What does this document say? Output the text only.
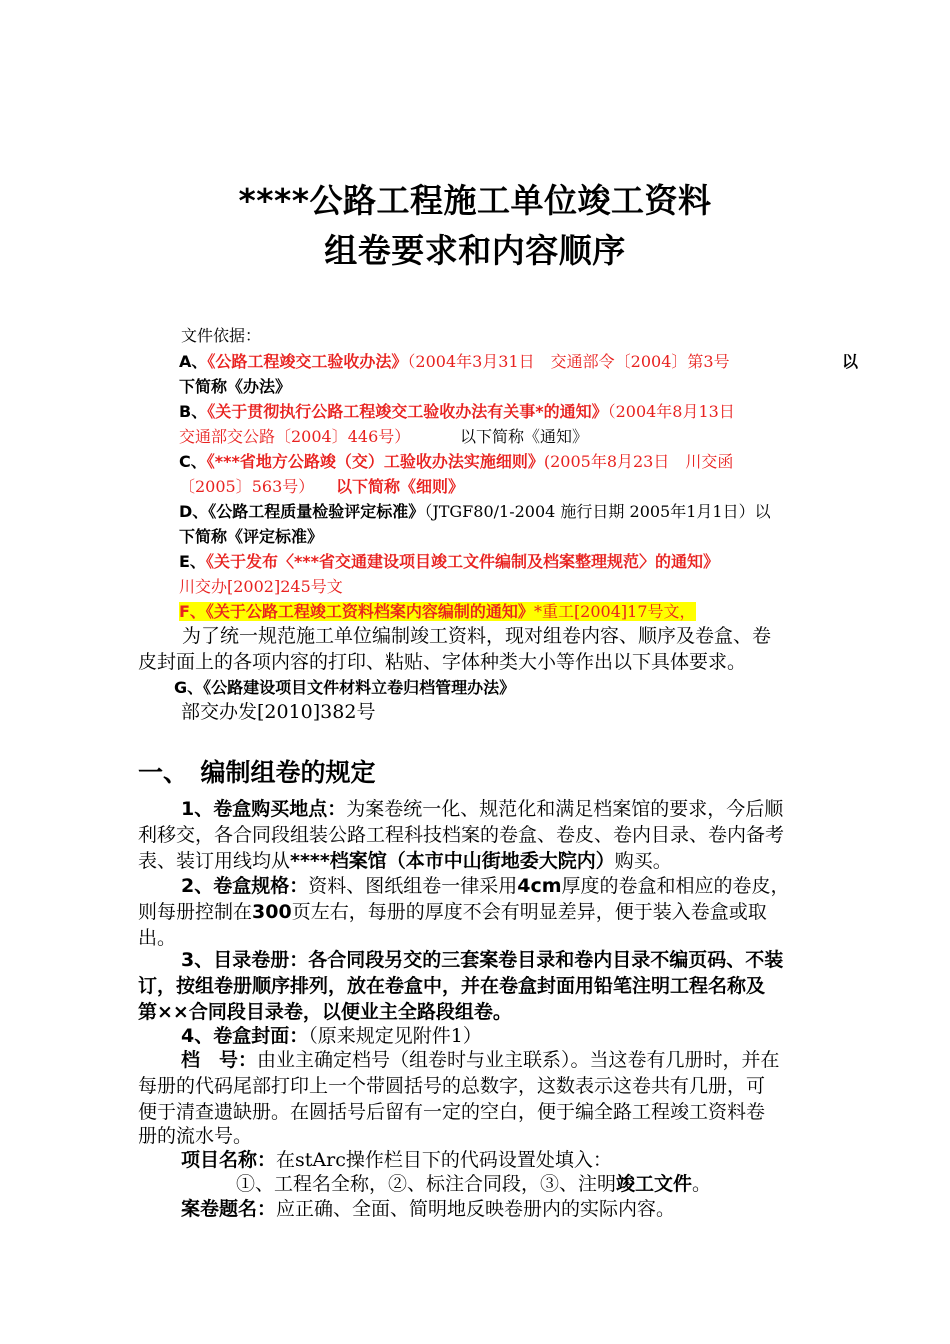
****公路工程施工单位竣工资料
组卷要求和内容顺序
文件依据：
A、《公路工程竣交工验收办法》（2004年3月31日　交通部令〔2004〕第3号	以
下简称《办法》
B、《关于贯彻执行公路工程竣交工验收办法有关事*的通知》（2004年8月13日
交通部交公路〔2004〕446号）	以下简称《通知》
C、《***省地方公路竣（交）工验收办法实施细则》(2005年8月23日　川交函
〔2005〕563号） 以下简称《细则》
D、《公路工程质量检验评定标准》（JTGF80/1-2004 施行日期 2005年1月1日）以
下简称《评定标准》
E、《关于发布〈***省交通建设项目竣工文件编制及档案整理规范〉的通知》
川交办[2002]245号文
F、《关于公路工程竣工资料档案内容编制的通知》*重工[2004]17号文，
为了统一规范施工单位编制竣工资料，现对组卷内容、顺序及卷盒、卷
皮封面上的各项内容的打印、粘贴、字体种类大小等作出以下具体要求。
G、《公路建设项目文件材料立卷归档管理办法》
部交办发[2010]382号
一、　编制组卷的规定
1、卷盒购买地点：为案卷统一化、规范化和满足档案馆的要求，今后顺
利移交，各合同段组装公路工程科技档案的卷盒、卷皮、卷内目录、卷内备考
表、装订用线均从****档案馆（本市中山街地委大院内）购买。
2、卷盒规格：资料、图纸组卷一律采用4cm厚度的卷盒和相应的卷皮，
则每册控制在300页左右，每册的厚度不会有明显差异，便于装入卷盒或取
出。
3、目录卷册：各合同段另交的三套案卷目录和卷内目录不编页码、不装
订，按组卷册顺序排列，放在卷盒中，并在卷盒封面用铅笔注明工程名称及
第××合同段目录卷，以便业主全路段组卷。
4、卷盒封面：（原来规定见附件1）
档　号：由业主确定档号（组卷时与业主联系）。当这卷有几册时，并在
每册的代码尾部打印上一个带圆括号的总数字，这数表示这卷共有几册，可
便于清查遗缺册。在圆括号后留有一定的空白，便于编全路工程竣工资料卷
册的流水号。
项目名称：在stArc操作栏目下的代码设置处填入：
①、工程名全称，②、标注合同段，③、注明竣工文件。
案卷题名：应正确、全面、简明地反映卷册内的实际内容。
